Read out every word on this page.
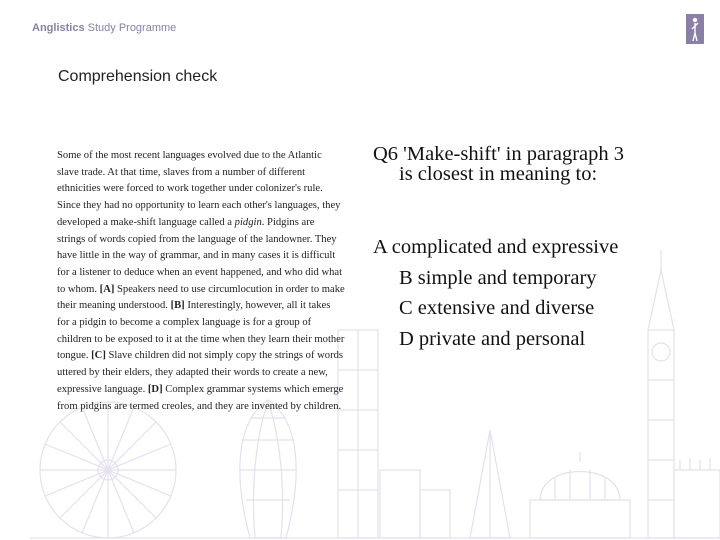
Anglistics Study Programme
Comprehension check
Some of the most recent languages evolved due to the Atlantic slave trade. At that time, slaves from a number of different ethnicities were forced to work together under colonizer's rule. Since they had no opportunity to learn each other's languages, they developed a make-shift language called a pidgin. Pidgins are strings of words copied from the language of the landowner. They have little in the way of grammar, and in many cases it is difficult for a listener to deduce when an event happened, and who did what to whom. [A] Speakers need to use circumlocution in order to make their meaning understood. [B] Interestingly, however, all it takes for a pidgin to become a complex language is for a group of children to be exposed to it at the time when they learn their mother tongue. [C] Slave children did not simply copy the strings of words uttered by their elders, they adapted their words to create a new, expressive language. [D] Complex grammar systems which emerge from pidgins are termed creoles, and they are invented by children.
Q6 'Make-shift' in paragraph 3
is closest in meaning to:
A complicated and expressive
B simple and temporary
C extensive and diverse
D private and personal
